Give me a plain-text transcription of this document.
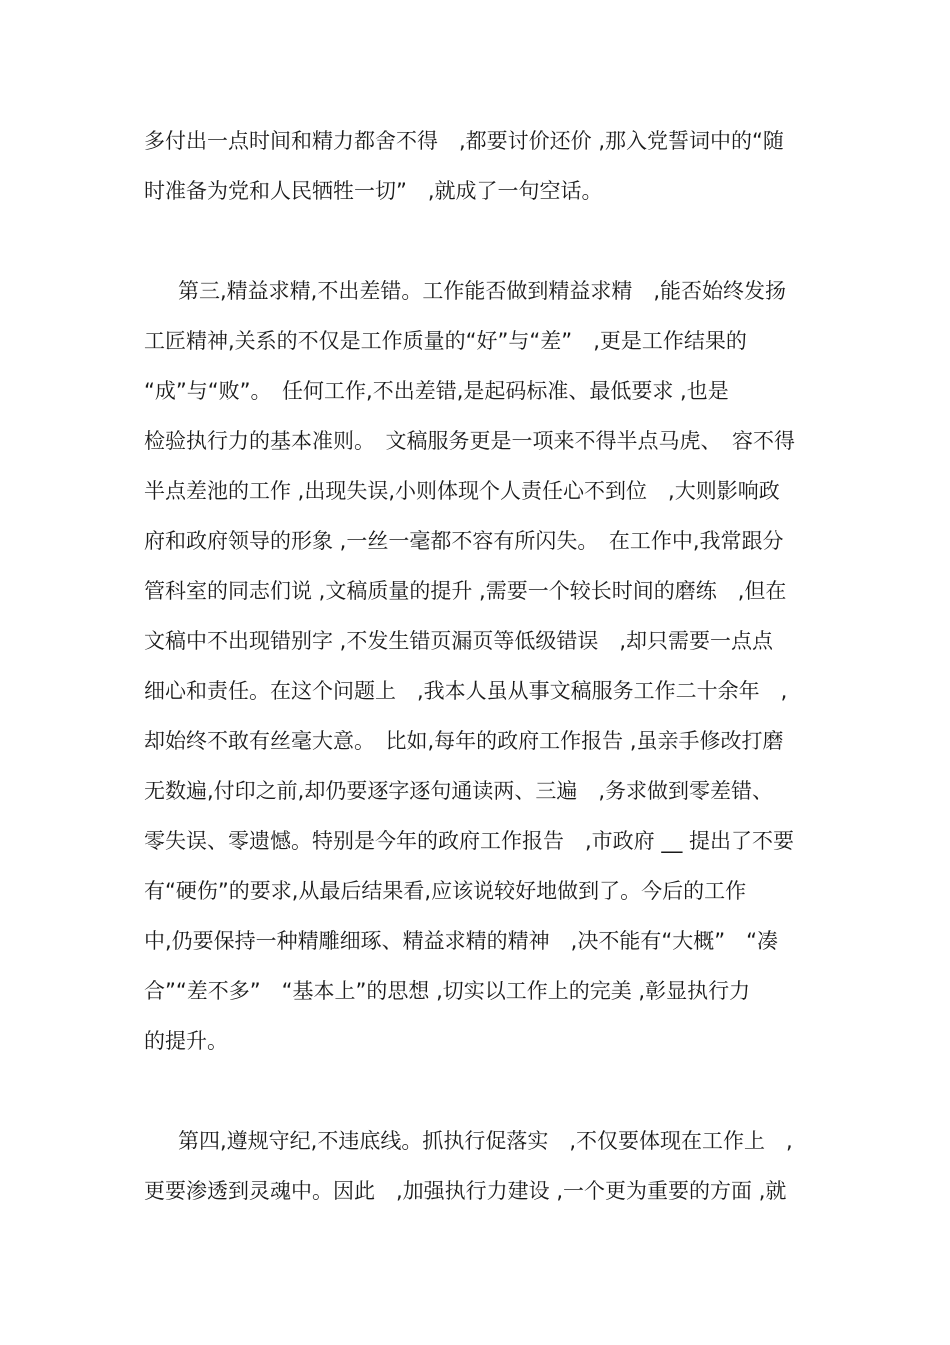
多付出一点时间和精力都舍不得　,都要讨价还价 ,那入党誓词中的“随

时准备为党和人民牺牲一切”　,就成了一句空话。

第三,精益求精,不出差错。工作能否做到精益求精　,能否始终发扬

工匠精神,关系的不仅是工作质量的“好”与“差”　,更是工作结果的

“成”与“败”。　任何工作,不出差错,是起码标准、最低要求 ,也是

检验执行力的基本准则。　文稿服务更是一项来不得半点马虎、　容不得

半点差池的工作 ,出现失误,小则体现个人责任心不到位　,大则影响政

府和政府领导的形象 ,一丝一毫都不容有所闪失。　在工作中,我常跟分

管科室的同志们说 ,文稿质量的提升 ,需要一个较长时间的磨练　,但在

文稿中不出现错别字 ,不发生错页漏页等低级错误　,却只需要一点点

细心和责任。在这个问题上　,我本人虽从事文稿服务工作二十余年　,

却始终不敢有丝毫大意。　比如,每年的政府工作报告 ,虽亲手修改打磨

无数遍,付印之前,却仍要逐字逐句通读两、三遍　,务求做到零差错、

零失误、零遗憾。特别是今年的政府工作报告　,市政府 __ 提出了不要

有“硬伤”的要求,从最后结果看,应该说较好地做到了。今后的工作

中,仍要保持一种精雕细琢、精益求精的精神　,决不能有“大概”　“凑

合”“差不多”　“基本上”的思想 ,切实以工作上的完美 ,彰显执行力

的提升。

第四,遵规守纪,不违底线。抓执行促落实　,不仅要体现在工作上　,

更要渗透到灵魂中。因此　,加强执行力建设 ,一个更为重要的方面 ,就
